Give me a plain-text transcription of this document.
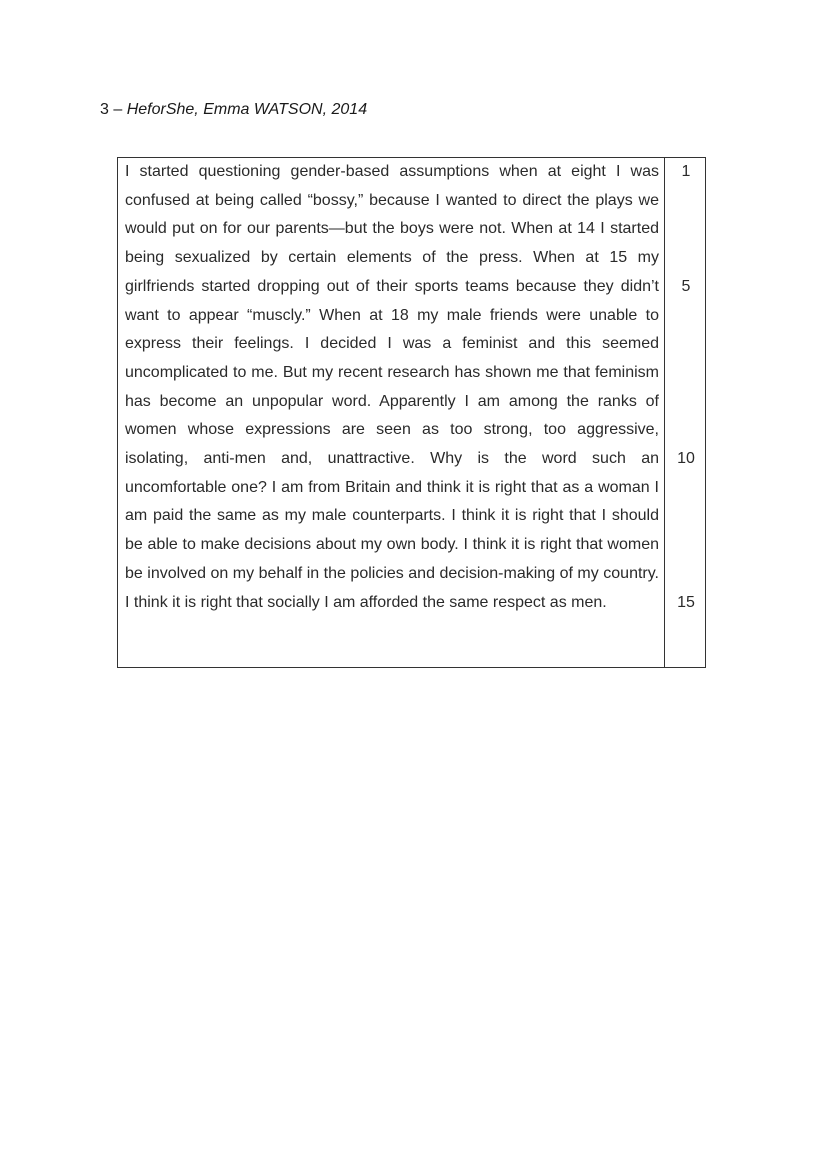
3 – HeforShe, Emma WATSON, 2014

I started questioning gender-based assumptions when at eight I was confused at being called “bossy,” because I wanted to direct the plays we would put on for our parents—but the boys were not. When at 14 I started being sexualized by certain elements of the press. When at 15 my girlfriends started dropping out of their sports teams because they didn’t want to appear “muscly.” When at 18 my male friends were unable to express their feelings. I decided I was a feminist and this seemed uncomplicated to me. But my recent research has shown me that feminism has become an unpopular word. Apparently I am among the ranks of women whose expressions are seen as too strong, too aggressive, isolating, anti-men and, unattractive. Why is the word such an uncomfortable one? I am from Britain and think it is right that as a woman I am paid the same as my male counterparts. I think it is right that I should be able to make decisions about my own body. I think it is right that women be involved on my behalf in the policies and decision-making of my country. I think it is right that socially I am afforded the same respect as men.

1
5
10
15
